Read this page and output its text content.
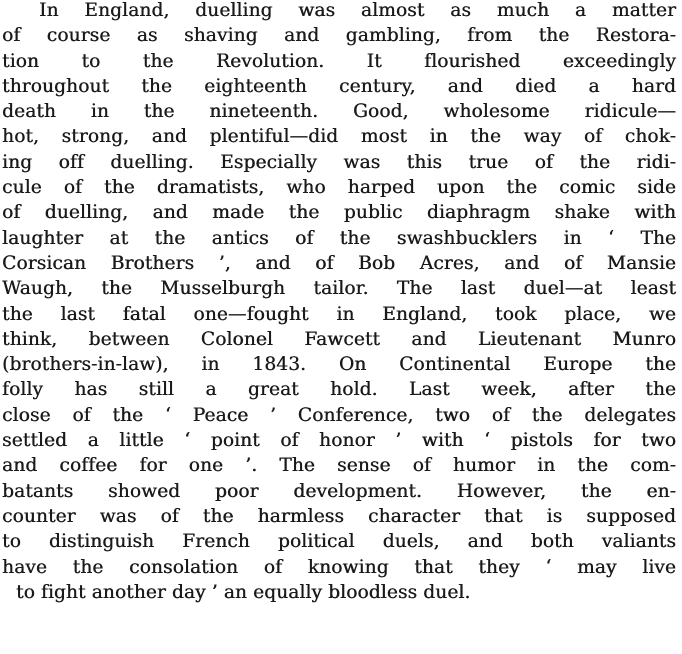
In England, duelling was almost as much a matter
of course as shaving and gambling, from the Restora-
tion to the Revolution. It flourished exceedingly
throughout the eighteenth century, and died a hard
death in the nineteenth. Good, wholesome ridicule—
hot, strong, and plentiful—did most in the way of chok-
ing off duelling. Especially was this true of the ridi-
cule of the dramatists, who harped upon the comic side
of duelling, and made the public diaphragm shake with
laughter at the antics of the swashbucklers in ‘ The
Corsican Brothers ’, and of Bob Acres, and of Mansie
Waugh, the Musselburgh tailor. The last duel—at least
the last fatal one—fought in England, took place, we
think, between Colonel Fawcett and Lieutenant Munro
(brothers-in-law), in 1843. On Continental Europe the
folly has still a great hold. Last week, after the
close of the ‘ Peace ’ Conference, two of the delegates
settled a little ‘ point of honor ’ with ‘ pistols for two
and coffee for one ’. The sense of humor in the com-
batants showed poor development. However, the en-
counter was of the harmless character that is supposed
to distinguish French political duels, and both valiants
have the consolation of knowing that they ‘ may live
to fight another day ’ an equally bloodless duel.
